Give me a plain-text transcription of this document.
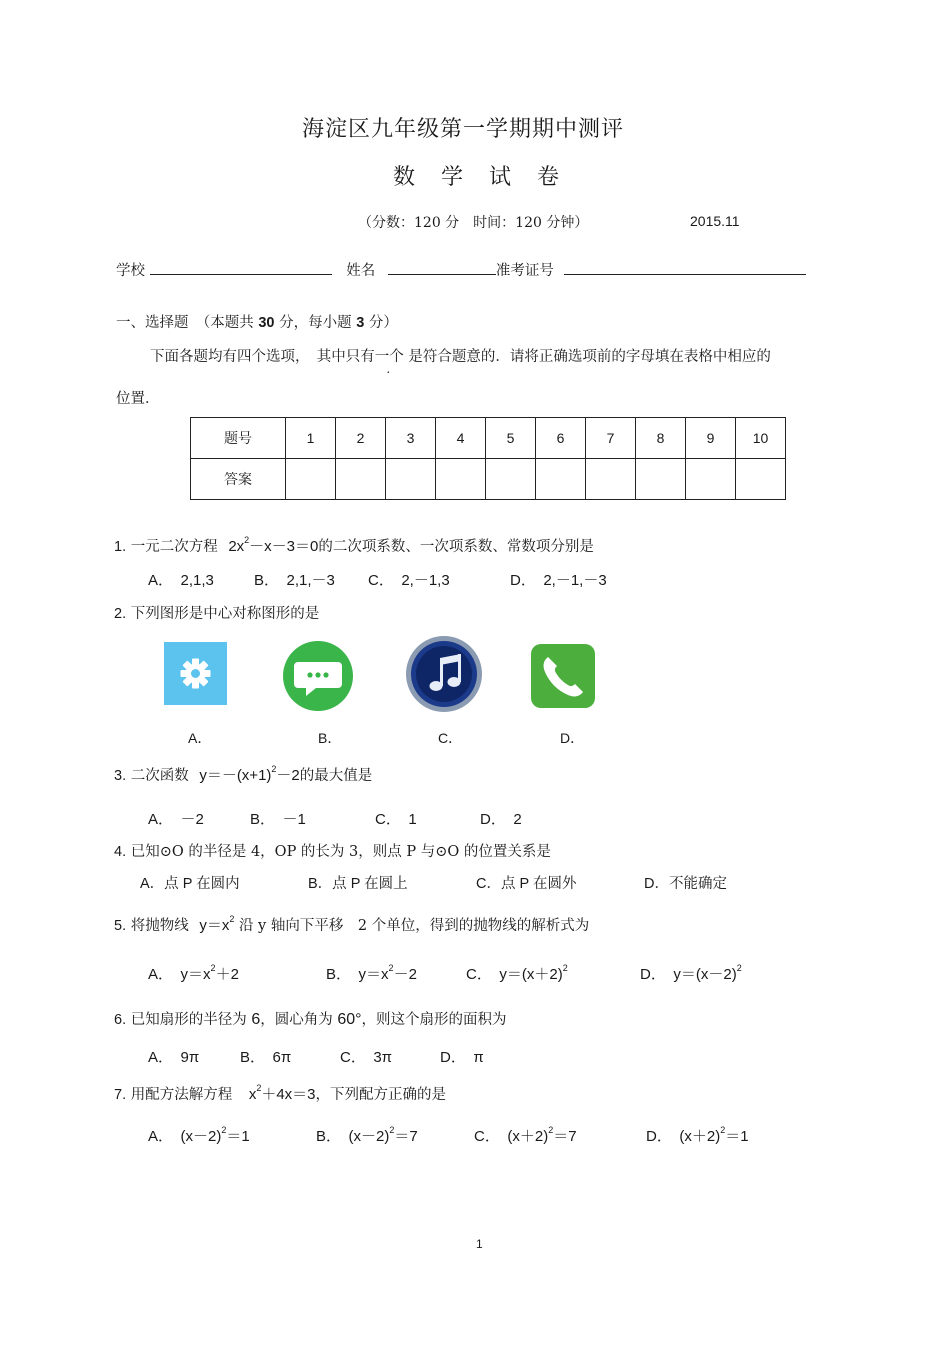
海淀区九年级第一学期期中测评
数 学 试 卷
（分数：120 分　时间：120 分钟）	2015.11
学校	姓名	准考证号
一、选择题　（本题共 30 分，每小题 3 分）
下面各题均有四个选项，　其中只有一个 是符合题意的．请将正确选项前的字母填在表格中相应的
位置．
题号	1	2	3	4	5	6	7	8	9	10
答案										
1. 一元二次方程 $2x^2-x-3=0$的二次项系数、一次项系数、常数项分别是
A．　2,1,3	B．　2,1,－3 C．　2,－1,3	D．　2,－1,－3
2. 下列图形是中心对称图形的是
A．	B．	C．	D．
3. 二次函数 $y=-(x+1)^2-2$的最大值是
A．　－2	B．　－1	C．　1	D．　2
4. 已知⊙O 的半径是 4，OP 的长为 3，则点 P 与⊙O 的位置关系是
A．点 P 在圆内	B．点 P 在圆上	C．点 P 在圆外	D．不能确定
5. 将抛物线 $y=x^2$ 沿 y 轴向下平移　2 个单位，得到的抛物线的解析式为
A．　 $y=x^2+2$	B．　 $y=x^2-2$	C．　 $y=(x+2)^2$	D．　 $y=(x-2)^2$
6. 已知扇形的半径为 6，圆心角为 60°，则这个扇形的面积为
A．　9π	B．　6π	C．　3π	D．　π
7. 用配方法解方程 $x^2+4x=3$，下列配方正确的是
A．　 $(x-2)^2=1$	B．　 $(x-2)^2=7$	C．　 $(x+2)^2=7$	D．　 $(x+2)^2=1$
1
